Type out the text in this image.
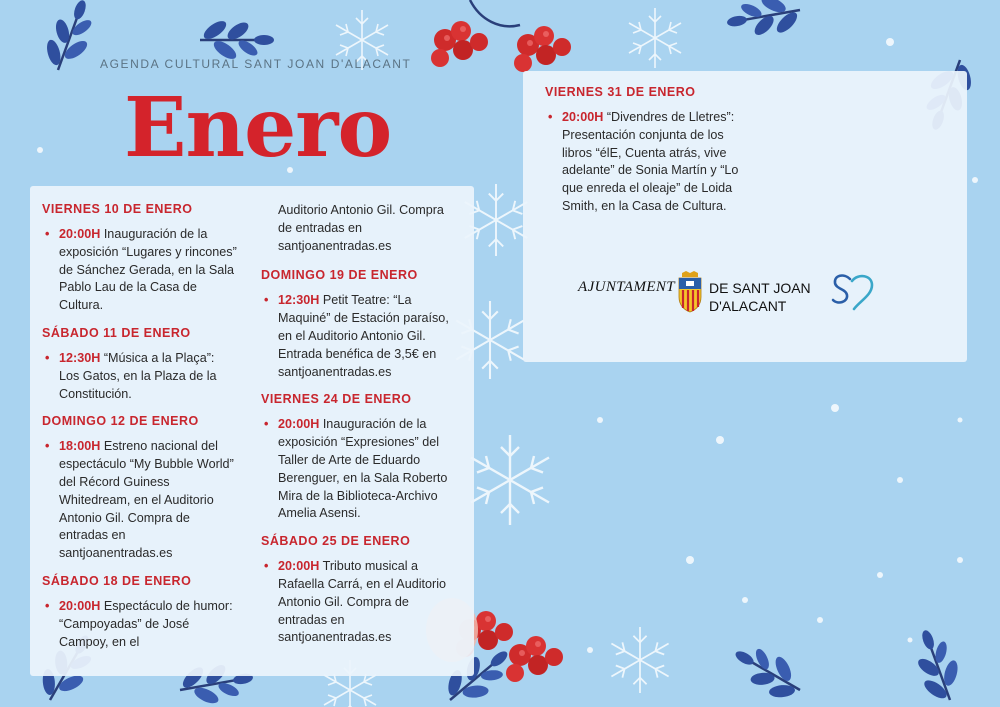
AGENDA CULTURAL SANT JOAN D'ALACANT
Enero
VIERNES 10 DE ENERO
• 20:00H Inauguración de la exposición “Lugares y rincones” de Sánchez Gerada, en la Sala Pablo Lau de la Casa de Cultura.
SÁBADO 11 DE ENERO
• 12:30H “Música a la Plaça”: Los Gatos, en la Plaza de la Constitución.
DOMINGO 12 DE ENERO
• 18:00H Estreno nacional del espectáculo “My Bubble World” del Récord Guiness Whitedream, en el Auditorio Antonio Gil. Compra de entradas en santjoanentradas.es
SÁBADO 18 DE ENERO
• 20:00H Espectáculo de humor: “Campoyadas” de José Campoy, en el
Auditorio Antonio Gil. Compra de entradas en santjoanentradas.es
DOMINGO 19 DE ENERO
• 12:30H Petit Teatre: “La Maquiné” de Estación paraíso, en el Auditorio Antonio Gil. Entrada benéfica de 3,5€ en santjoanentradas.es
VIERNES 24 DE ENERO
• 20:00H Inauguración de la exposición “Expresiones” del Taller de Arte de Eduardo Berenguer, en la Sala Roberto Mira de la Biblioteca-Archivo Amelia Asensi.
SÁBADO 25 DE ENERO
• 20:00H Tributo musical a Rafaella Carrá, en el Auditorio Antonio Gil. Compra de entradas en santjoanentradas.es
VIERNES 31 DE ENERO
• 20:00H “Divendres de Lletres”: Presentación conjunta de los libros “élE, Cuenta atrás, vive adelante” de Sonia Martín y “Lo que enreda el oleaje” de Loida Smith, en la Casa de Cultura.
AJUNTAMENT DE SANT JOAN
D'ALACANT
